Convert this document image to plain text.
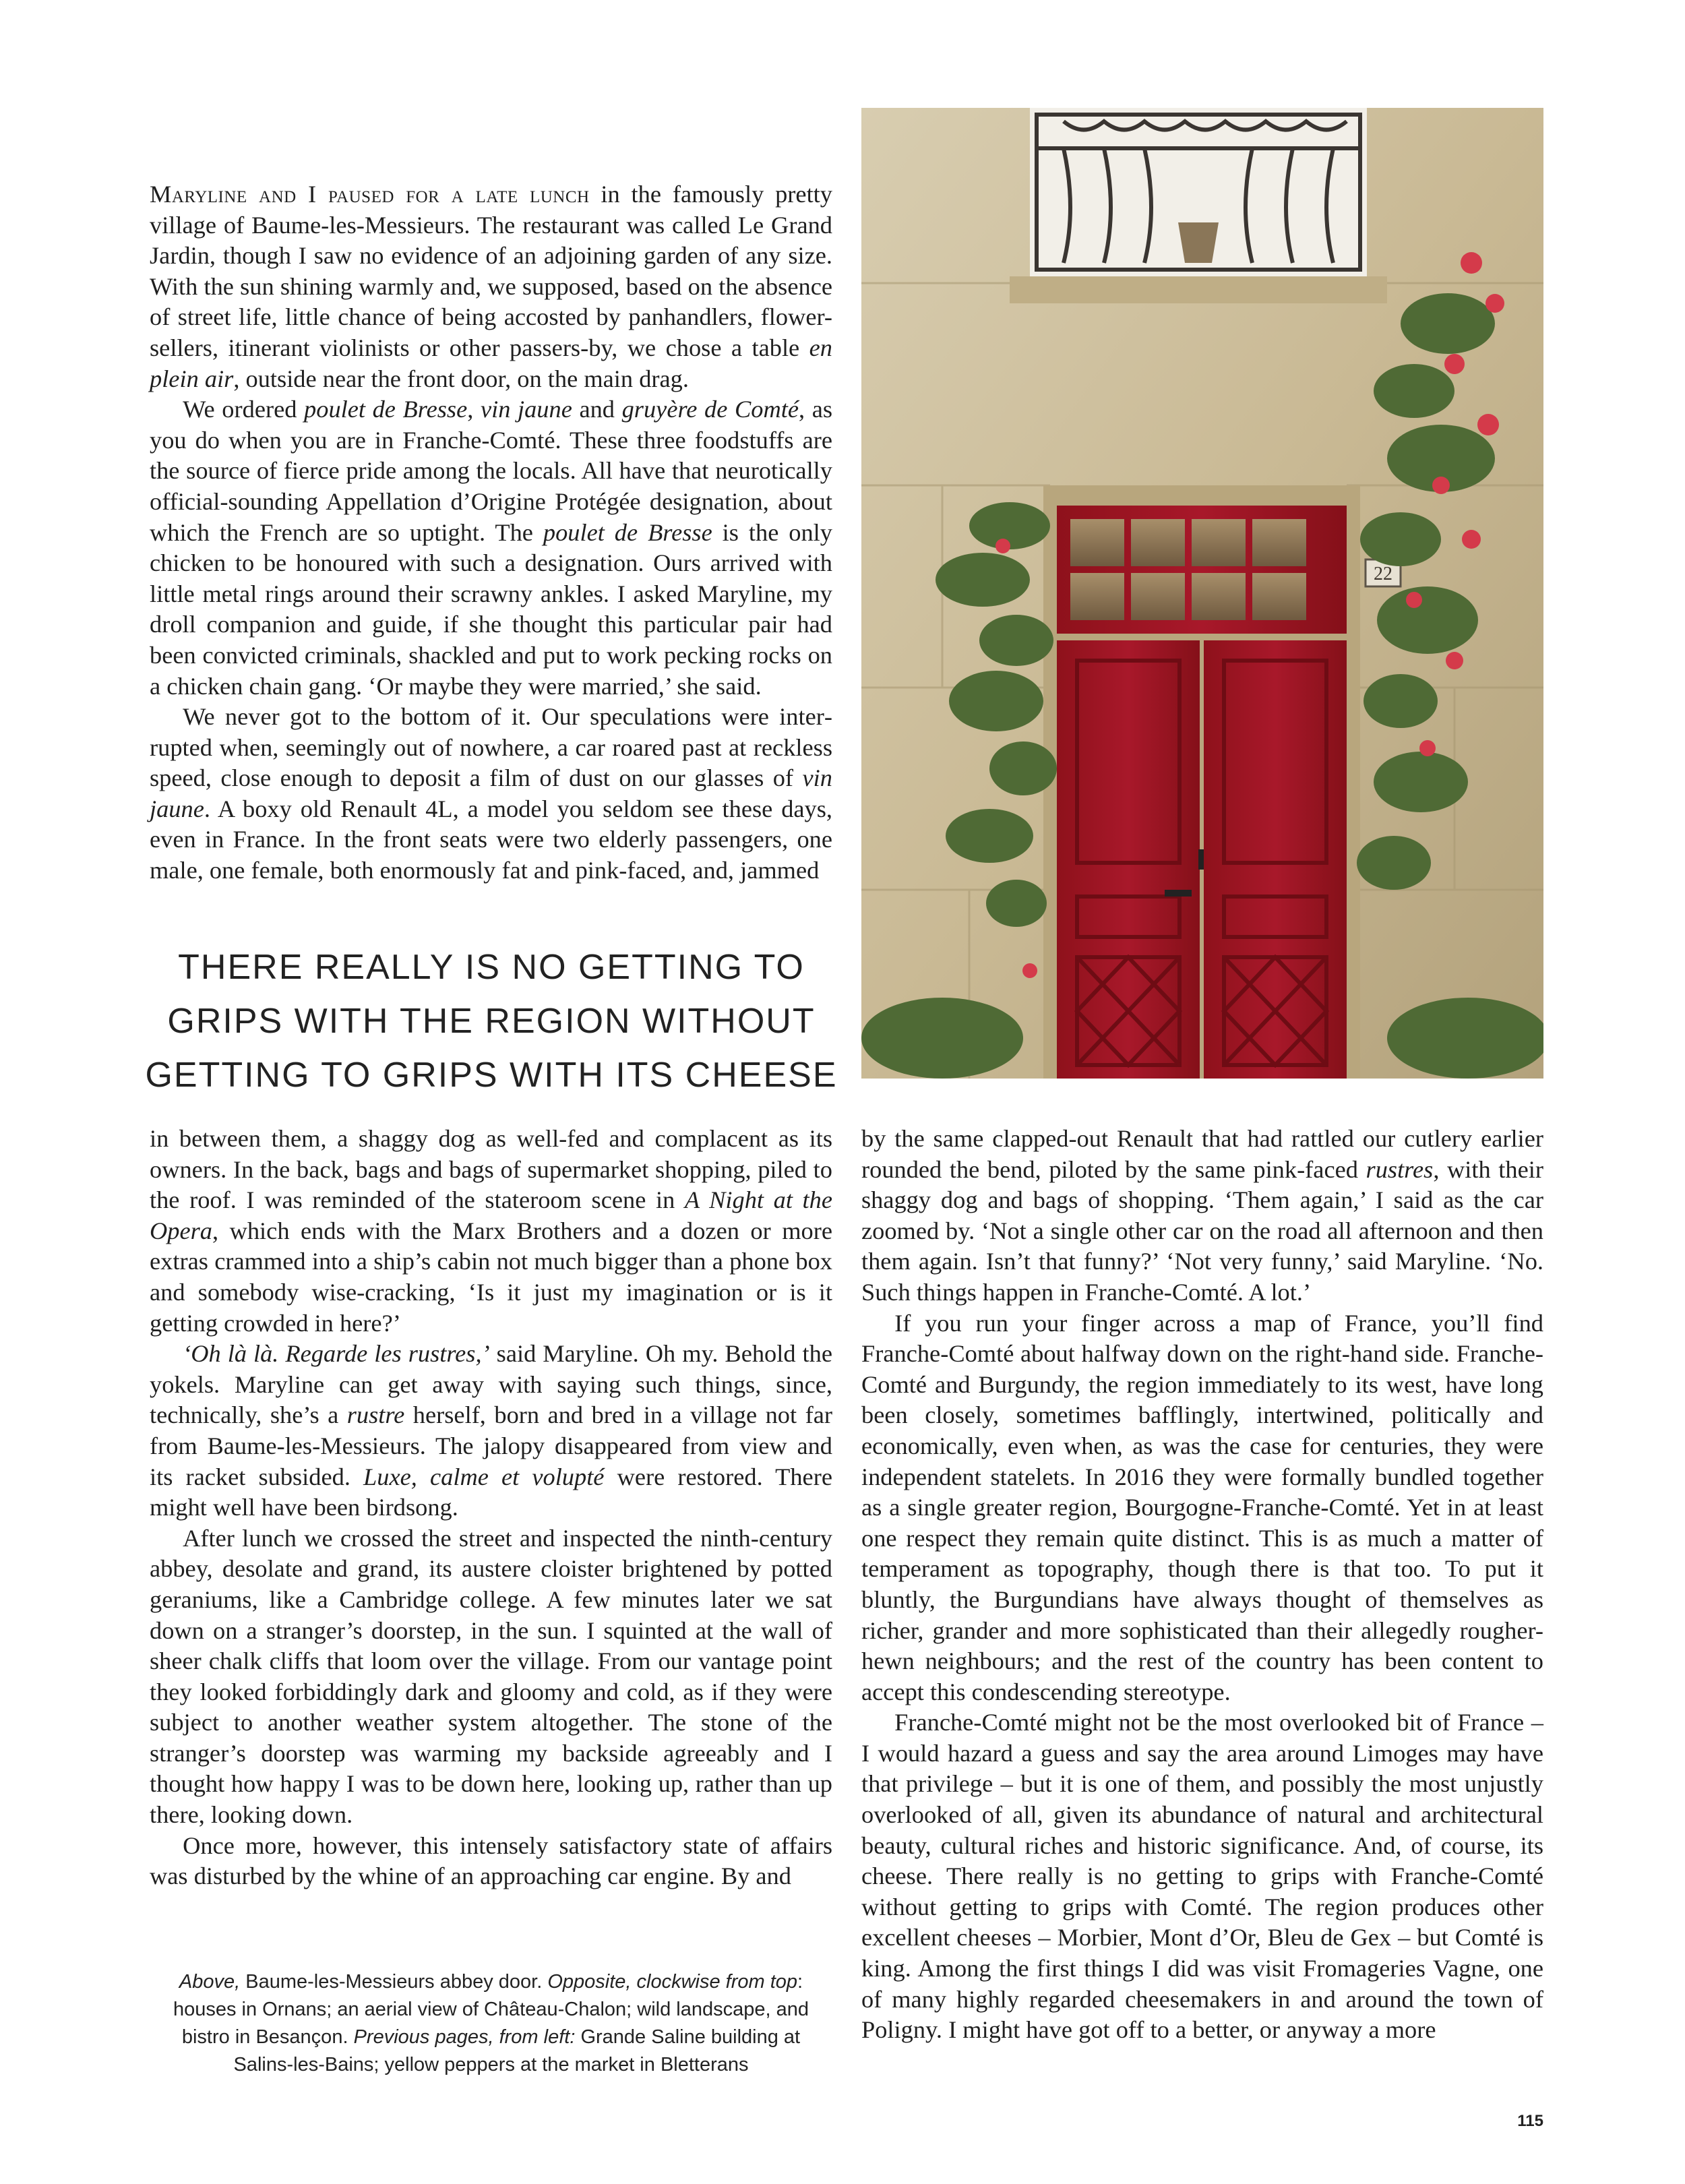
Maryline and I paused for a late lunch in the famously pretty village of Baume-les-Messieurs. The restaurant was called Le Grand Jardin, though I saw no evidence of an adjoining garden of any size. With the sun shining warmly and, we supposed, based on the absence of street life, little chance of being accosted by panhandlers, flower-sellers, itinerant violinists or other passers-by, we chose a table en plein air, outside near the front door, on the main drag.

We ordered poulet de Bresse, vin jaune and gruyère de Comté, as you do when you are in Franche-Comté. These three foodstuffs are the source of fierce pride among the locals. All have that neurotically official-sounding Appellation d’Origine Protégée designation, about which the French are so uptight. The poulet de Bresse is the only chicken to be honoured with such a designation. Ours arrived with little metal rings around their scrawny ankles. I asked Maryline, my droll companion and guide, if she thought this particular pair had been convicted criminals, shackled and put to work pecking rocks on a chicken chain gang. ‘Or maybe they were married,’ she said.

We never got to the bottom of it. Our speculations were interrupted when, seemingly out of nowhere, a car roared past at reckless speed, close enough to deposit a film of dust on our glasses of vin jaune. A boxy old Renault 4L, a model you seldom see these days, even in France. In the front seats were two elderly passengers, one male, one female, both enormously fat and pink-faced, and, jammed

THERE REALLY IS NO GETTING TO
GRIPS WITH THE REGION WITHOUT
GETTING TO GRIPS WITH ITS CHEESE

in between them, a shaggy dog as well-fed and complacent as its owners. In the back, bags and bags of supermarket shopping, piled to the roof. I was reminded of the stateroom scene in A Night at the Opera, which ends with the Marx Brothers and a dozen or more extras crammed into a ship’s cabin not much bigger than a phone box and somebody wise-cracking, ‘Is it just my imagination or is it getting crowded in here?’

‘Oh là là. Regarde les rustres,’ said Maryline. Oh my. Behold the yokels. Maryline can get away with saying such things, since, technically, she’s a rustre herself, born and bred in a village not far from Baume-les-Messieurs. The jalopy disappeared from view and its racket subsided. Luxe, calme et volupté were restored. There might well have been birdsong.

After lunch we crossed the street and inspected the ninth-century abbey, desolate and grand, its austere cloister brightened by potted geraniums, like a Cambridge college. A few minutes later we sat down on a stranger’s doorstep, in the sun. I squinted at the wall of sheer chalk cliffs that loom over the village. From our vantage point they looked forbiddingly dark and gloomy and cold, as if they were subject to another weather system altogether. The stone of the stranger’s doorstep was warming my backside agreeably and I thought how happy I was to be down here, looking up, rather than up there, looking down.

Once more, however, this intensely satisfactory state of affairs was disturbed by the whine of an approaching car engine. By and

Above, Baume-les-Messieurs abbey door. Opposite, clockwise from top: houses in Ornans; an aerial view of Château-Chalon; wild landscape, and bistro in Besançon. Previous pages, from left: Grande Saline building at Salins-les-Bains; yellow peppers at the market in Bletterans

by the same clapped-out Renault that had rattled our cutlery earlier rounded the bend, piloted by the same pink-faced rustres, with their shaggy dog and bags of shopping. ‘Them again,’ I said as the car zoomed by. ‘Not a single other car on the road all afternoon and then them again. Isn’t that funny?’ ‘Not very funny,’ said Maryline. ‘No. Such things happen in Franche-Comté. A lot.’

If you run your finger across a map of France, you’ll find Franche-Comté about halfway down on the right-hand side. Franche-Comté and Burgundy, the region immediately to its west, have long been closely, sometimes bafflingly, intertwined, politically and economically, even when, as was the case for centuries, they were independent statelets. In 2016 they were formally bundled together as a single greater region, Bourgogne-Franche-Comté. Yet in at least one respect they remain quite distinct. This is as much a matter of temperament as topography, though there is that too. To put it bluntly, the Burgundians have always thought of themselves as richer, grander and more sophisticated than their allegedly rougher-hewn neighbours; and the rest of the country has been content to accept this condescending stereotype.

Franche-Comté might not be the most overlooked bit of France – I would hazard a guess and say the area around Limoges may have that privilege – but it is one of them, and possibly the most unjustly overlooked of all, given its abundance of natural and architectural beauty, cultural riches and historic significance. And, of course, its cheese. There really is no getting to grips with Franche-Comté without getting to grips with Comté. The region produces other excellent cheeses – Morbier, Mont d’Or, Bleu de Gex – but Comté is king. Among the first things I did was visit Fromageries Vagne, one of many highly regarded cheesemakers in and around the town of Poligny. I might have got off to a better, or anyway a more

22
115
